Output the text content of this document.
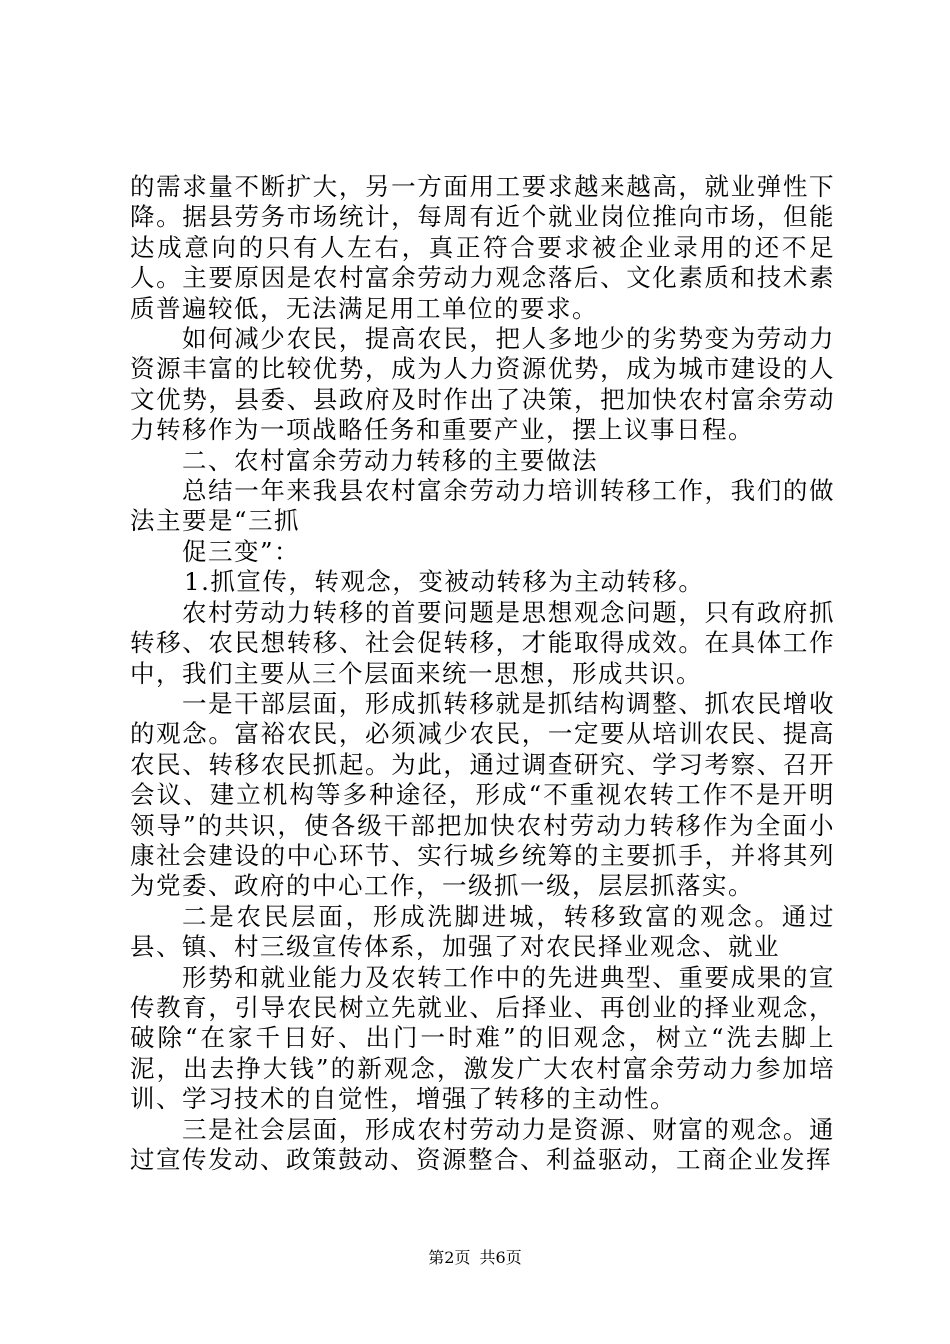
的需求量不断扩大，另一方面用工要求越来越高，就业弹性下降。据县劳务市场统计，每周有近个就业岗位推向市场，但能达成意向的只有人左右，真正符合要求被企业录用的还不足人。主要原因是农村富余劳动力观念落后、文化素质和技术素质普遍较低，无法满足用工单位的要求。

如何减少农民，提高农民，把人多地少的劣势变为劳动力资源丰富的比较优势，成为人力资源优势，成为城市建设的人文优势，县委、县政府及时作出了决策，把加快农村富余劳动力转移作为一项战略任务和重要产业，摆上议事日程。

二、农村富余劳动力转移的主要做法

总结一年来我县农村富余劳动力培训转移工作，我们的做法主要是“三抓

促三变”：

1.抓宣传，转观念，变被动转移为主动转移。

农村劳动力转移的首要问题是思想观念问题，只有政府抓转移、农民想转移、社会促转移，才能取得成效。在具体工作中，我们主要从三个层面来统一思想，形成共识。

一是干部层面，形成抓转移就是抓结构调整、抓农民增收的观念。富裕农民，必须减少农民，一定要从培训农民、提高农民、转移农民抓起。为此，通过调查研究、学习考察、召开会议、建立机构等多种途径，形成“不重视农转工作不是开明领导”的共识，使各级干部把加快农村劳动力转移作为全面小康社会建设的中心环节、实行城乡统筹的主要抓手，并将其列为党委、政府的中心工作，一级抓一级，层层抓落实。

二是农民层面，形成洗脚进城，转移致富的观念。通过县、镇、村三级宣传体系，加强了对农民择业观念、就业

形势和就业能力及农转工作中的先进典型、重要成果的宣传教育，引导农民树立先就业、后择业、再创业的择业观念，破除“在家千日好、出门一时难”的旧观念，树立“洗去脚上泥，出去挣大钱”的新观念，激发广大农村富余劳动力参加培训、学习技术的自觉性，增强了转移的主动性。

三是社会层面，形成农村劳动力是资源、财富的观念。通过宣传发动、政策鼓动、资源整合、利益驱动，工商企业发挥

第2页 共6页
